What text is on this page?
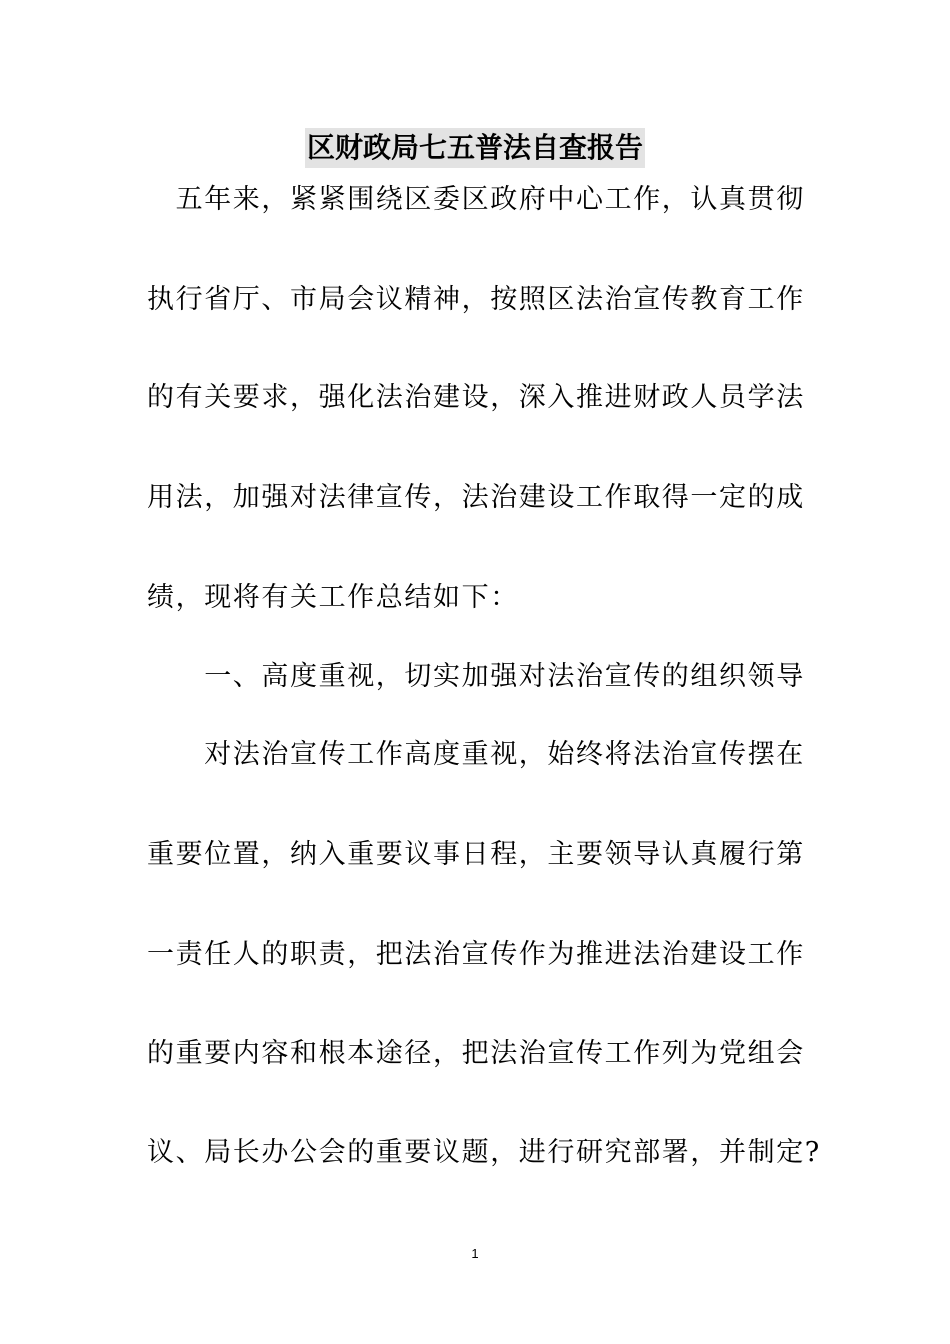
区财政局七五普法自查报告
　五年来，紧紧围绕区委区政府中心工作，认真贯彻
执行省厅、市局会议精神，按照区法治宣传教育工作
的有关要求，强化法治建设，深入推进财政人员学法
用法，加强对法律宣传，法治建设工作取得一定的成
绩，现将有关工作总结如下：
　　一、高度重视，切实加强对法治宣传的组织领导
　　对法治宣传工作高度重视，始终将法治宣传摆在
重要位置，纳入重要议事日程，主要领导认真履行第
一责任人的职责，把法治宣传作为推进法治建设工作
的重要内容和根本途径，把法治宣传工作列为党组会
议、局长办公会的重要议题，进行研究部署，并制定?
1
